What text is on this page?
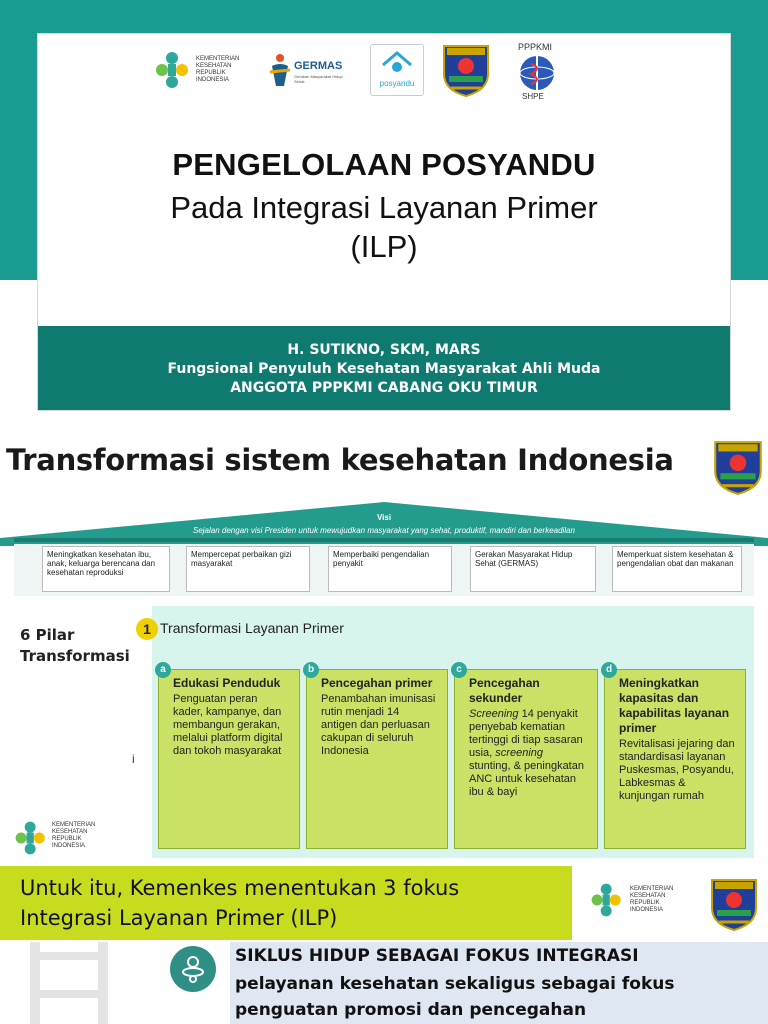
KEMENTERIAN
KESEHATAN
REPUBLIK
INDONESIA
GERMAS
Gerakan Masyarakat Hidup Sehat	posyandu
PPPKMI
SHPE
PENGELOLAAN POSYANDU
Pada Integrasi Layanan Primer
(ILP)
H. SUTIKNO, SKM, MARS
Fungsional Penyuluh Kesehatan Masyarakat Ahli Muda
ANGGOTA PPPKMI CABANG OKU TIMUR
Transformasi sistem kesehatan Indonesia
Visi
Sejalan dengan visi Presiden untuk mewujudkan masyarakat yang sehat, produktif, mandiri dan berkeadilan
Meningkatkan kesehatan ibu, anak, keluarga berencana dan kesehatan reproduksi
Mempercepat perbaikan gizi masyarakat
Memperbaiki pengendalian penyakit
Gerakan Masyarakat Hidup Sehat (GERMAS)
Memperkuat sistem kesehatan & pengendalian obat dan makanan
6 Pilar
Transformasi
i
1 Transformasi Layanan Primer
KEMENTERIAN
KESEHATAN
REPUBLIK
INDONESIA
a
Edukasi Penduduk
Penguatan peran kader, kampanye, dan membangun gerakan, melalui platform digital dan tokoh masyarakat
b
Pencegahan primer
Penambahan imunisasi rutin menjadi 14 antigen dan perluasan cakupan di seluruh Indonesia
c
Pencegahan sekunder
Screening 14 penyakit penyebab kematian tertinggi di tiap sasaran usia, screening stunting, & peningkatan ANC untuk kesehatan ibu & bayi
d
Meningkatkan kapasitas dan kapabilitas layanan primer
Revitalisasi jejaring dan standardisasi layanan Puskesmas, Posyandu, Labkesmas & kunjungan rumah
Untuk itu, Kemenkes menentukan 3 fokus
Integrasi Layanan Primer (ILP)
KEMENTERIAN
KESEHATAN
REPUBLIK
INDONESIA
SIKLUS HIDUP SEBAGAI FOKUS INTEGRASI
pelayanan kesehatan sekaligus sebagai fokus
penguatan promosi dan pencegahan
